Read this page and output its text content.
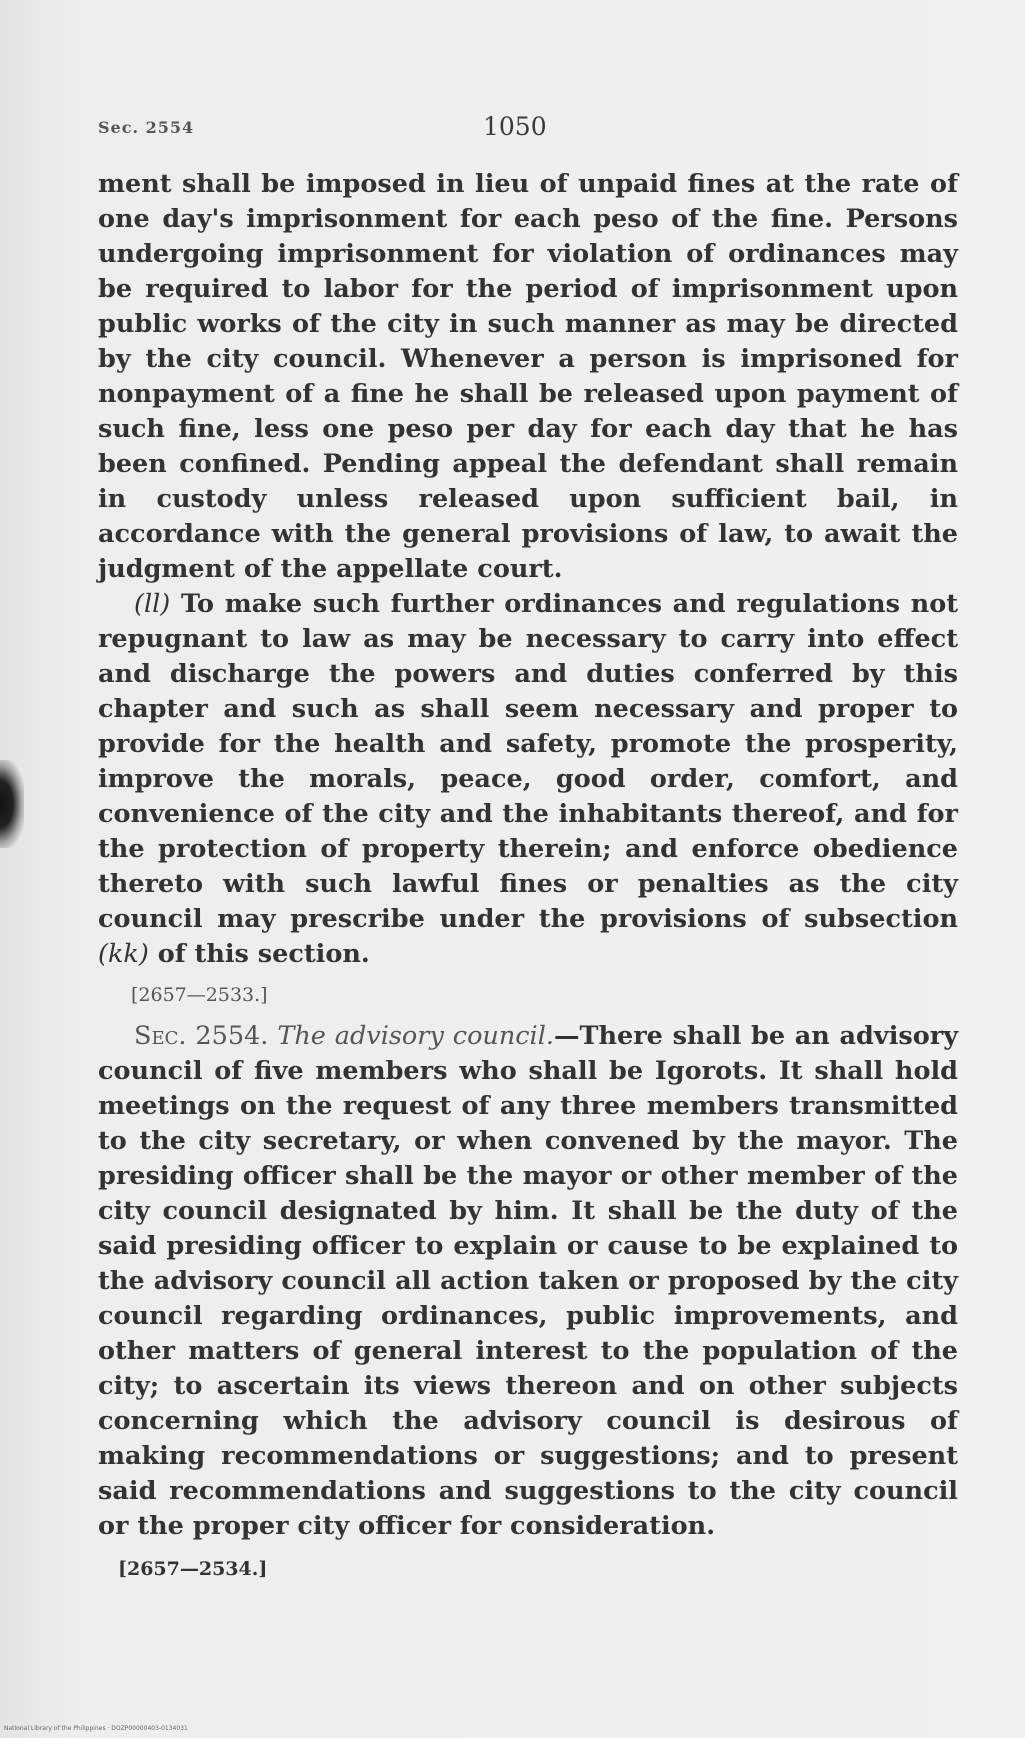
Sec. 2554	1050

ment shall be imposed in lieu of unpaid fines at the rate of one day's imprisonment for each peso of the fine. Persons undergoing imprisonment for violation of ordinances may be required to labor for the period of imprisonment upon public works of the city in such manner as may be directed by the city council. Whenever a person is imprisoned for nonpayment of a fine he shall be released upon payment of such fine, less one peso per day for each day that he has been confined. Pending appeal the defendant shall remain in custody unless released upon sufficient bail, in accordance with the general provisions of law, to await the judgment of the appellate court.

(ll) To make such further ordinances and regulations not repugnant to law as may be necessary to carry into effect and discharge the powers and duties conferred by this chapter and such as shall seem necessary and proper to provide for the health and safety, promote the prosperity, improve the morals, peace, good order, comfort, and convenience of the city and the inhabitants thereof, and for the protection of property therein; and enforce obedience thereto with such lawful fines or penalties as the city council may prescribe under the provisions of subsection (kk) of this section.

[2657—2533.]

Sec. 2554. The advisory council.—There shall be an advisory council of five members who shall be Igorots. It shall hold meetings on the request of any three members transmitted to the city secretary, or when convened by the mayor. The presiding officer shall be the mayor or other member of the city council designated by him. It shall be the duty of the said presiding officer to explain or cause to be explained to the advisory council all action taken or proposed by the city council regarding ordinances, public improvements, and other matters of general interest to the population of the city; to ascertain its views thereon and on other subjects concerning which the advisory council is desirous of making recommendations or suggestions; and to present said recommendations and suggestions to the city council or the proper city officer for consideration.

[2657—2534.]

National Library of the Philippines · DOZP00000403-0134031
